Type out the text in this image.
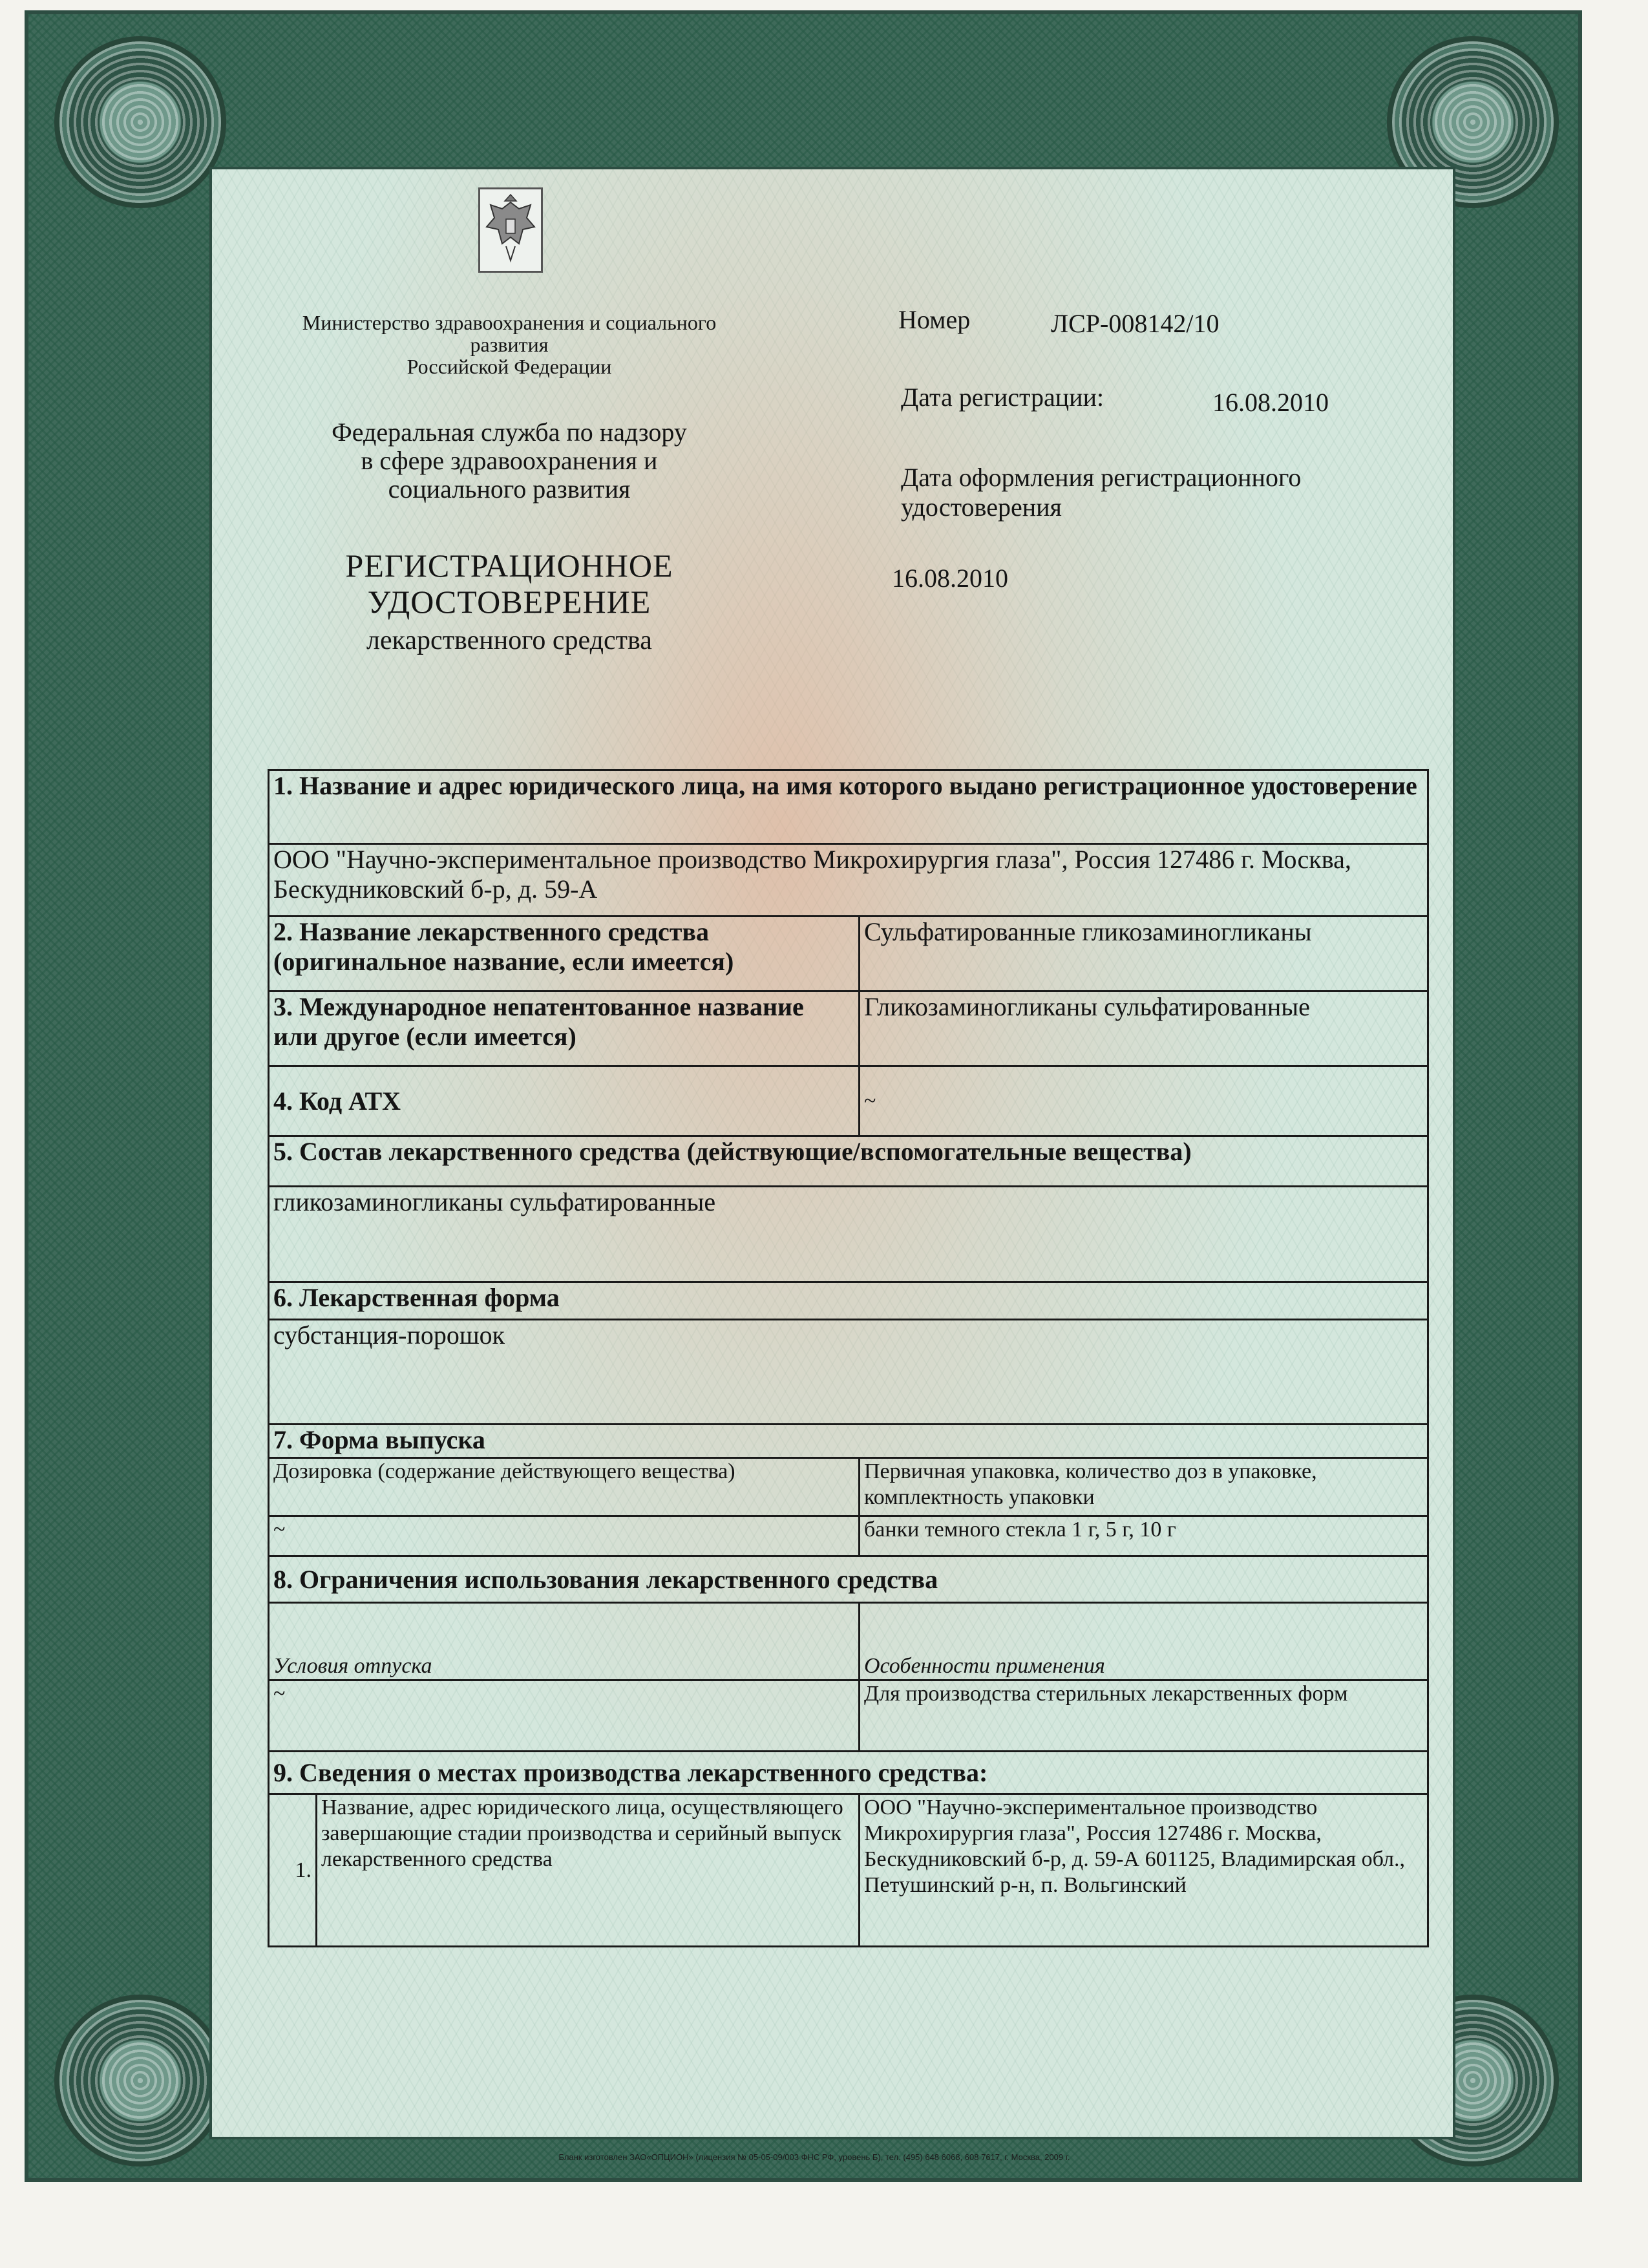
Министерство здравоохранения и социального
развития
Российской Федерации
Федеральная служба по надзору
в сфере здравоохранения и
социального развития
РЕГИСТРАЦИОННОЕ
УДОСТОВЕРЕНИЕ
лекарственного средства
Номер	ЛСР-008142/10
Дата регистрации:	16.08.2010
Дата оформления регистрационного удостоверения
16.08.2010
1. Название и адрес юридического лица, на имя которого выдано регистрационное удостоверение		
ООО "Научно-экспериментальное производство Микрохирургия глаза", Россия 127486 г. Москва, Бескудниковский б-р, д. 59-А		
2. Название лекарственного средства (оригинальное название, если имеется)		Сульфатированные гликозаминогликаны
3. Международное непатентованное название или другое (если имеется)		Гликозаминогликаны сульфатированные
4. Код АТХ		~
5. Состав лекарственного средства (действующие/вспомогательные вещества)		
гликозаминогликаны сульфатированные		
6. Лекарственная форма		
субстанция-порошок		
7. Форма выпуска		
Дозировка (содержание действующего вещества)		Первичная упаковка, количество доз в упаковке, комплектность упаковки
~		банки темного стекла 1 г, 5 г, 10 г
8. Ограничения использования лекарственного средства		
Условия отпуска		Особенности применения
~		Для производства стерильных лекарственных форм
9. Сведения о местах производства лекарственного средства:		
1.	Название, адрес юридического лица, осуществляющего завершающие стадии производства и серийный выпуск лекарственного средства	ООО "Научно-экспериментальное производство Микрохирургия глаза", Россия 127486 г. Москва, Бескудниковский б-р, д. 59-А 601125, Владимирская обл., Петушинский р-н, п. Вольгинский
Бланк изготовлен ЗАО«ОПЦИОН» (лицензия № 05-05-09/003 ФНС РФ, уровень Б), тел. (495) 648 6068, 608 7617, г. Москва, 2009 г.
